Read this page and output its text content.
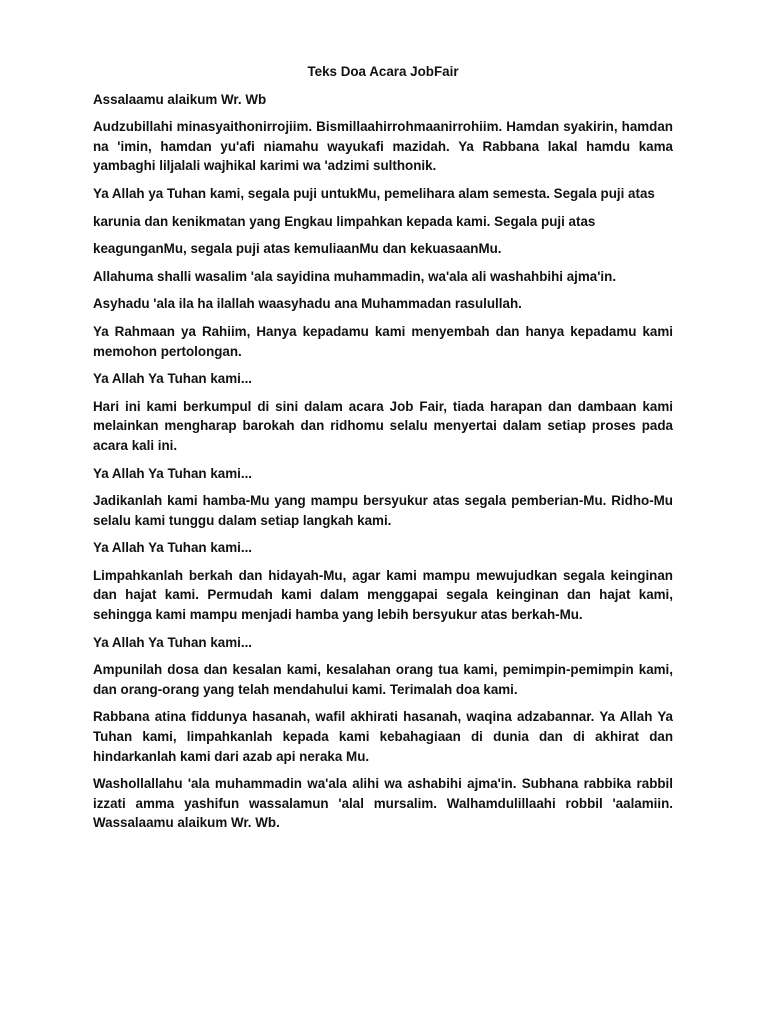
Teks Doa Acara JobFair

Assalaamu alaikum Wr. Wb

Audzubillahi minasyaithonirrojiim. Bismillaahirrohmaanirrohiim. Hamdan syakirin, hamdan na 'imin, hamdan yu'afi niamahu wayukafi mazidah. Ya Rabbana lakal hamdu kama yambaghi liljalali wajhikal karimi wa 'adzimi sulthonik.

Ya Allah ya Tuhan kami, segala puji untukMu, pemelihara alam semesta. Segala puji atas

karunia dan kenikmatan yang Engkau limpahkan kepada kami. Segala puji atas

keagunganMu, segala puji atas kemuliaanMu dan kekuasaanMu.

Allahuma shalli wasalim 'ala sayidina muhammadin, wa'ala ali washahbihi ajma'in.

Asyhadu 'ala ila ha ilallah waasyhadu ana Muhammadan rasulullah.

Ya Rahmaan ya Rahiim, Hanya kepadamu kami menyembah dan hanya kepadamu kami memohon pertolongan.

Ya Allah Ya Tuhan kami...

Hari ini kami berkumpul di sini dalam acara Job Fair, tiada harapan dan dambaan kami melainkan mengharap barokah dan ridhomu selalu menyertai dalam setiap proses pada acara kali ini.

Ya Allah Ya Tuhan kami...

Jadikanlah kami hamba-Mu yang mampu bersyukur atas segala pemberian-Mu. Ridho-Mu selalu kami tunggu dalam setiap langkah kami.

Ya Allah Ya Tuhan kami...

Limpahkanlah berkah dan hidayah-Mu, agar kami mampu mewujudkan segala keinginan dan hajat kami. Permudah kami dalam menggapai segala keinginan dan hajat kami, sehingga kami mampu menjadi hamba yang lebih bersyukur atas berkah-Mu.

Ya Allah Ya Tuhan kami...

Ampunilah dosa dan kesalan kami, kesalahan orang tua kami, pemimpin-pemimpin kami, dan orang-orang yang telah mendahului kami. Terimalah doa kami.

Rabbana atina fiddunya hasanah, wafil akhirati hasanah, waqina adzabannar. Ya Allah Ya Tuhan kami, limpahkanlah kepada kami kebahagiaan di dunia dan di akhirat dan hindarkanlah kami dari azab api neraka Mu.

Washollallahu 'ala muhammadin wa'ala alihi wa ashabihi ajma'in. Subhana rabbika rabbil izzati amma yashifun wassalamun 'alal mursalim. Walhamdulillaahi robbil 'aalamiin. Wassalaamu alaikum Wr. Wb.
